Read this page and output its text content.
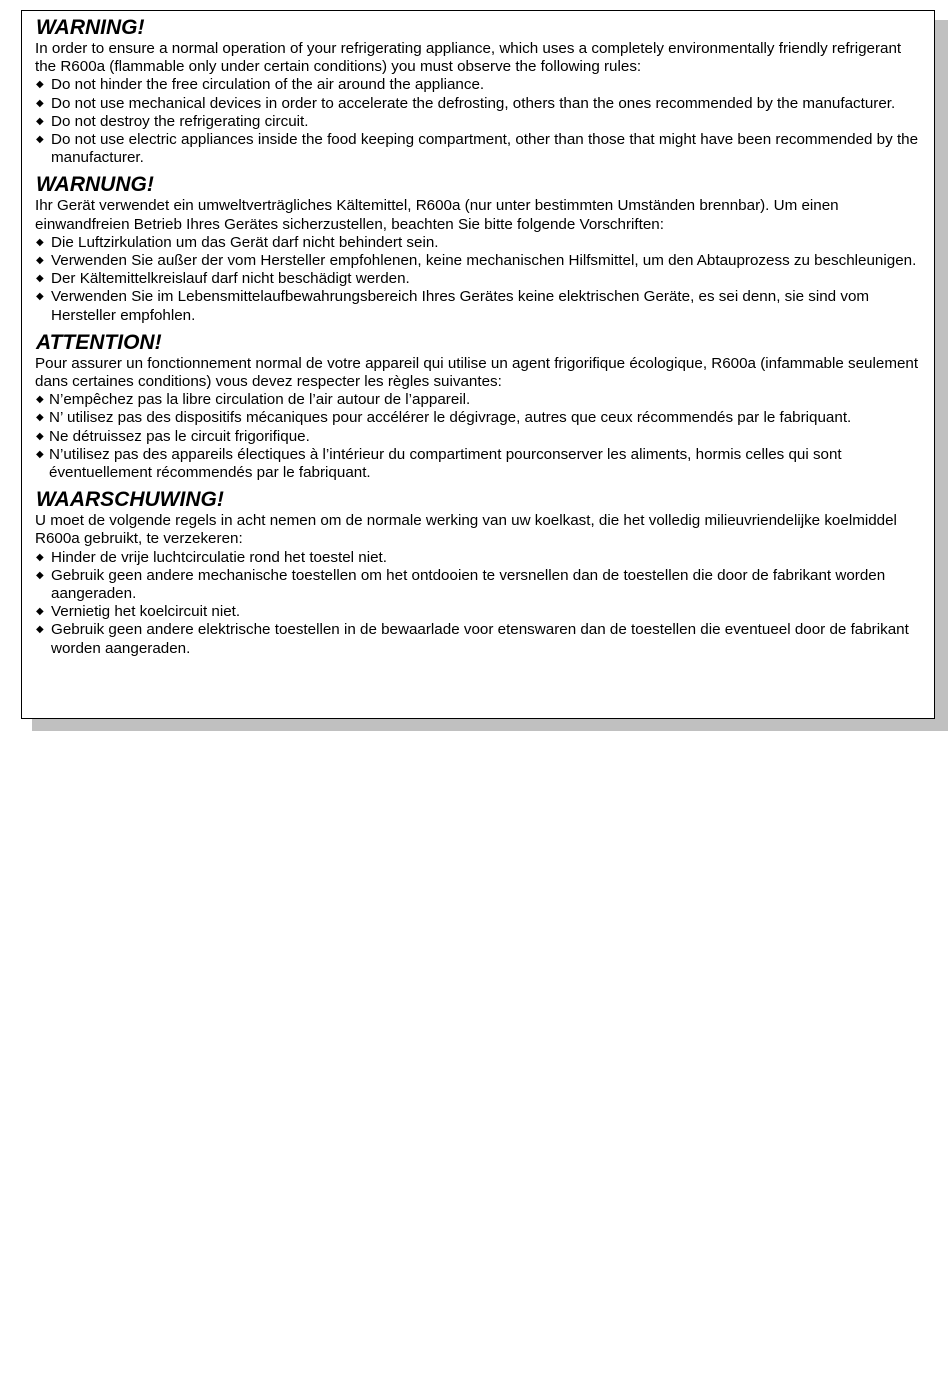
WARNING!

In order to ensure a normal operation of your refrigerating appliance, which uses a completely environmentally friendly refrigerant the R600a (flammable only under certain conditions) you must observe the following rules:

◆ Do not hinder the free circulation of the air around the appliance.
◆ Do not use mechanical devices in order to accelerate the defrosting, others than the ones recommended by the manufacturer.
◆ Do not destroy the refrigerating circuit.
◆ Do not use electric appliances inside the food keeping compartment, other than those that might have been recommended by the manufacturer.
WARNUNG!

Ihr Gerät verwendet ein umweltverträgliches Kältemittel, R600a (nur unter bestimmten Umständen brennbar). Um einen einwandfreien Betrieb Ihres Gerätes sicherzustellen, beachten Sie bitte folgende Vorschriften:

◆ Die Luftzirkulation um das Gerät darf nicht behindert sein.
◆ Verwenden Sie außer der vom Hersteller empfohlenen, keine mechanischen Hilfsmittel, um den Abtauprozess zu beschleunigen.
◆ Der Kältemittelkreislauf darf nicht beschädigt werden.
◆ Verwenden Sie im Lebensmittelaufbewahrungsbereich Ihres Gerätes keine elektrischen Geräte, es sei denn, sie sind vom Hersteller empfohlen.
ATTENTION!

Pour assurer un fonctionnement normal de votre appareil qui utilise un agent frigorifique écologique, R600a (infammable seulement dans certaines conditions) vous devez respecter les règles suivantes:

◆ N’empêchez pas la libre circulation de l’air autour de l’appareil.
◆ N’ utilisez pas des dispositifs mécaniques pour accélérer le dégivrage, autres que ceux récommendés par le fabriquant.
◆ Ne détruissez pas le circuit frigorifique.
◆ N’utilisez pas des appareils électiques à l’intérieur du compartiment pourconserver les aliments, hormis celles qui sont éventuellement récommendés par le fabriquant.
WAARSCHUWING!

U moet de volgende regels in acht nemen om de normale werking van uw koelkast, die het volledig milieuvriendelijke koelmiddel R600a gebruikt, te verzekeren:

◆ Hinder de vrije luchtcirculatie rond het toestel niet.
◆ Gebruik geen andere mechanische toestellen om het ontdooien te versnellen dan de toestellen die door de fabrikant worden aangeraden.
◆ Vernietig het koelcircuit niet.
◆ Gebruik geen andere elektrische toestellen in de bewaarlade voor etenswaren dan de toestellen die eventueel door de fabrikant worden aangeraden.
